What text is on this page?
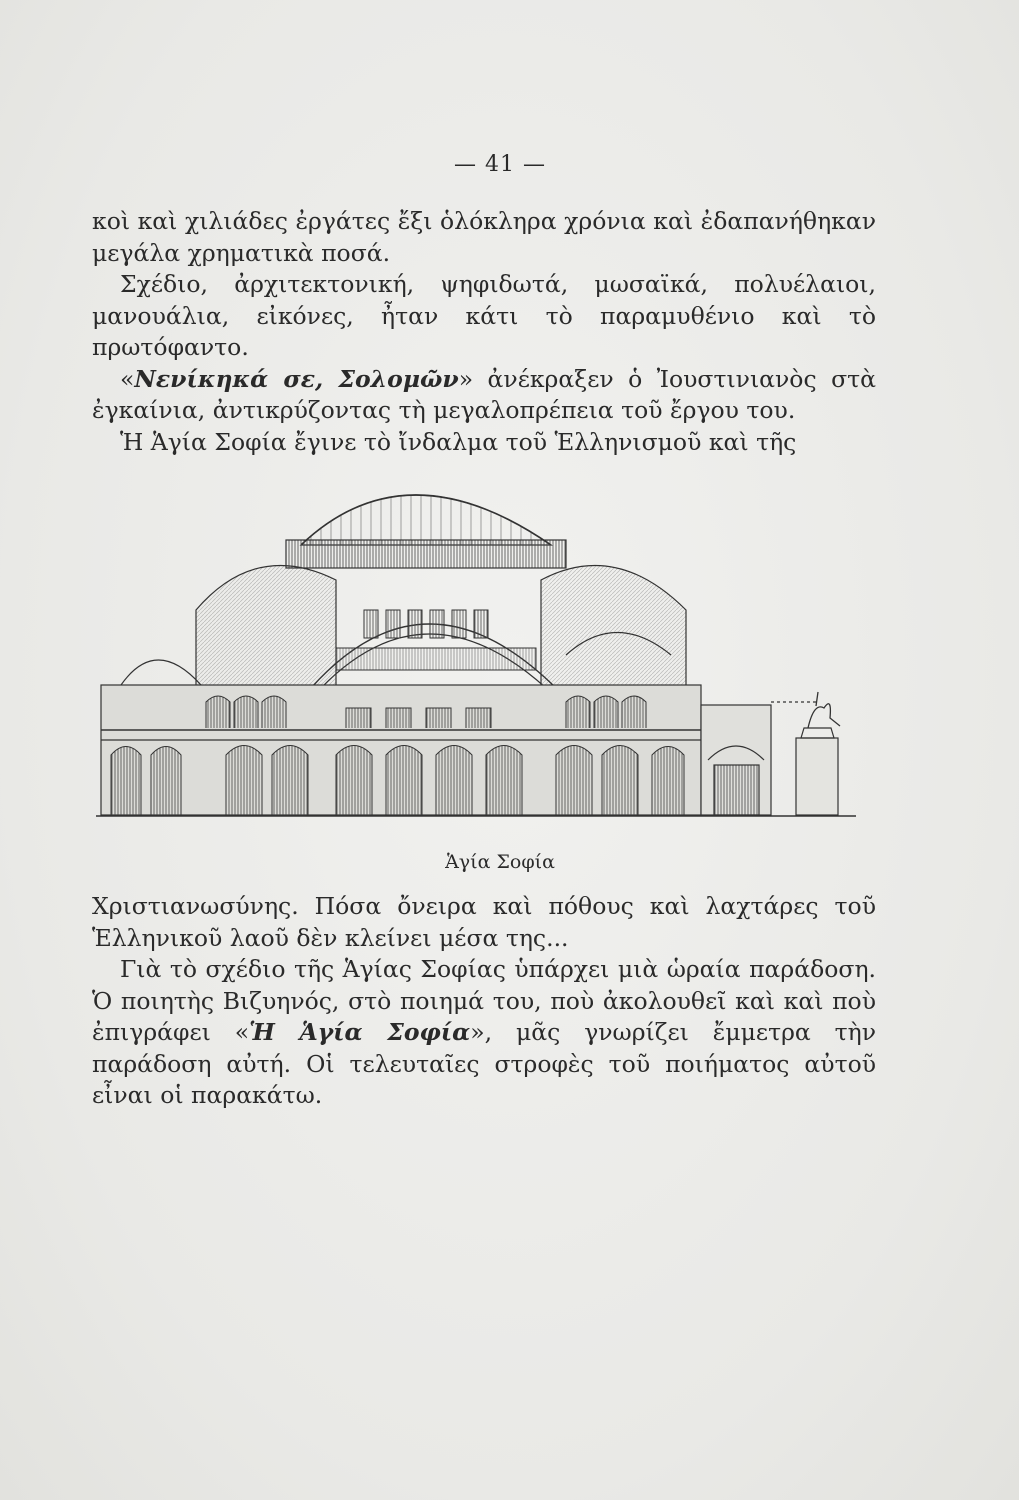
— 41 —

κοὶ καὶ χιλιάδες ἐργάτες ἔξι ὁλόκληρα χρόνια καὶ ἐδαπανήθηκαν μεγάλα χρηματικὰ ποσά.

Σχέδιο, ἀρχιτεκτονική, ψηφιδωτά, μωσαϊκά, πολυέλαιοι, μανουάλια, εἰκόνες, ἦταν κάτι τὸ παραμυθένιο καὶ τὸ πρωτόφαντο.

«Νενίκηκά σε, Σολομῶν» ἀνέκραξεν ὁ Ἰουστινιανὸς στὰ ἐγκαίνια, ἀντικρύζοντας τὴ μεγαλοπρέπεια τοῦ ἔργου του.

Ἡ Ἁγία Σοφία ἔγινε τὸ ἴνδαλμα τοῦ Ἑλληνισμοῦ καὶ τῆς

Ἁγία Σοφία

Χριστιανωσύνης. Πόσα ὄνειρα καὶ πόθους καὶ λαχτάρες τοῦ Ἑλληνικοῦ λαοῦ δὲν κλείνει μέσα της...

Γιὰ τὸ σχέδιο τῆς Ἁγίας Σοφίας ὑπάρχει μιὰ ὡραία παράδοση. Ὁ ποιητὴς Βιζυηνός, στὸ ποιημά του, ποὺ ἀκολουθεῖ καὶ καὶ ποὺ ἐπιγράφει «Ἡ Ἁγία Σοφία», μᾶς γνωρίζει ἔμμετρα τὴν παράδοση αὐτή. Οἱ τελευταῖες στροφὲς τοῦ ποιήματος αὐτοῦ εἶναι οἱ παρακάτω.
